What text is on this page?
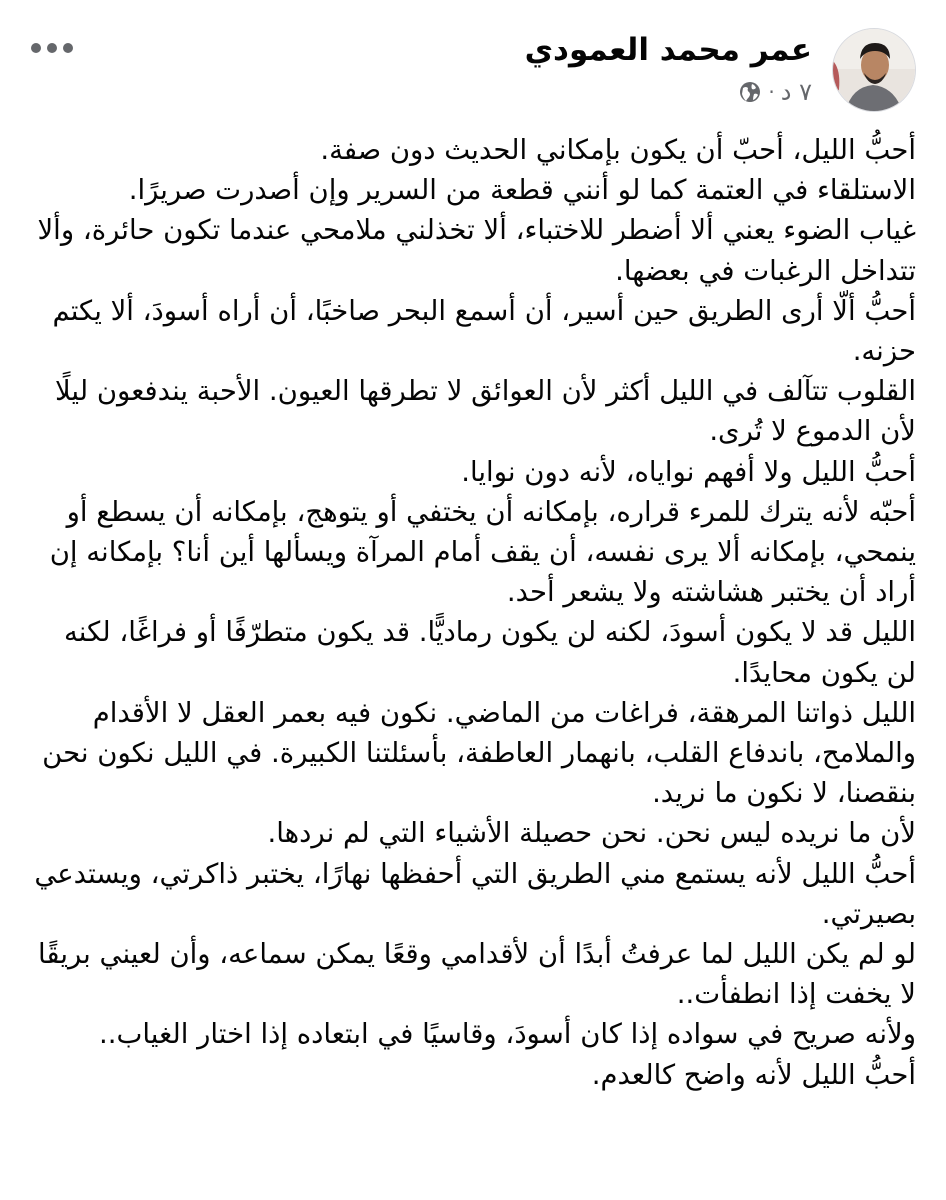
عمر محمد العمودي
٧ د
·

أحبُّ الليل، أحبّ أن يكون بإمكاني الحديث دون صفة.

الاستلقاء في العتمة كما لو أنني قطعة من السرير وإن أصدرت صريرًا.

غياب الضوء يعني ألا أضطر للاختباء، ألا تخذلني ملامحي عندما تكون حائرة، وألا تتداخل الرغبات في بعضها.

أحبُّ ألّا أرى الطريق حين أسير، أن أسمع البحر صاخبًا، أن أراه أسودَ، ألا يكتم حزنه.

القلوب تتآلف في الليل أكثر لأن العوائق لا تطرقها العيون. الأحبة يندفعون ليلًا لأن الدموع لا تُرى.

أحبُّ الليل ولا أفهم نواياه، لأنه دون نوايا.

أحبّه لأنه يترك للمرء قراره، بإمكانه أن يختفي أو يتوهج، بإمكانه أن يسطع أو ينمحي، بإمكانه ألا يرى نفسه، أن يقف أمام المرآة ويسألها أين أنا؟ بإمكانه إن أراد أن يختبر هشاشته ولا يشعر أحد.

الليل قد لا يكون أسودَ، لكنه لن يكون رماديًّا. قد يكون متطرّفًا أو فراغًا، لكنه لن يكون محايدًا.

الليل ذواتنا المرهقة، فراغات من الماضي. نكون فيه بعمر العقل لا الأقدام والملامح، باندفاع القلب، بانهمار العاطفة، بأسئلتنا الكبيرة. في الليل نكون نحن بنقصنا، لا نكون ما نريد.

لأن ما نريده ليس نحن. نحن حصيلة الأشياء التي لم نردها.

أحبُّ الليل لأنه يستمع مني الطريق التي أحفظها نهارًا، يختبر ذاكرتي، ويستدعي بصيرتي.

لو لم يكن الليل لما عرفتُ أبدًا أن لأقدامي وقعًا يمكن سماعه، وأن لعيني بريقًا لا يخفت إذا انطفأت..

ولأنه صريح في سواده إذا كان أسودَ، وقاسيًا في ابتعاده إذا اختار الغياب..

أحبُّ الليل لأنه واضح كالعدم.
